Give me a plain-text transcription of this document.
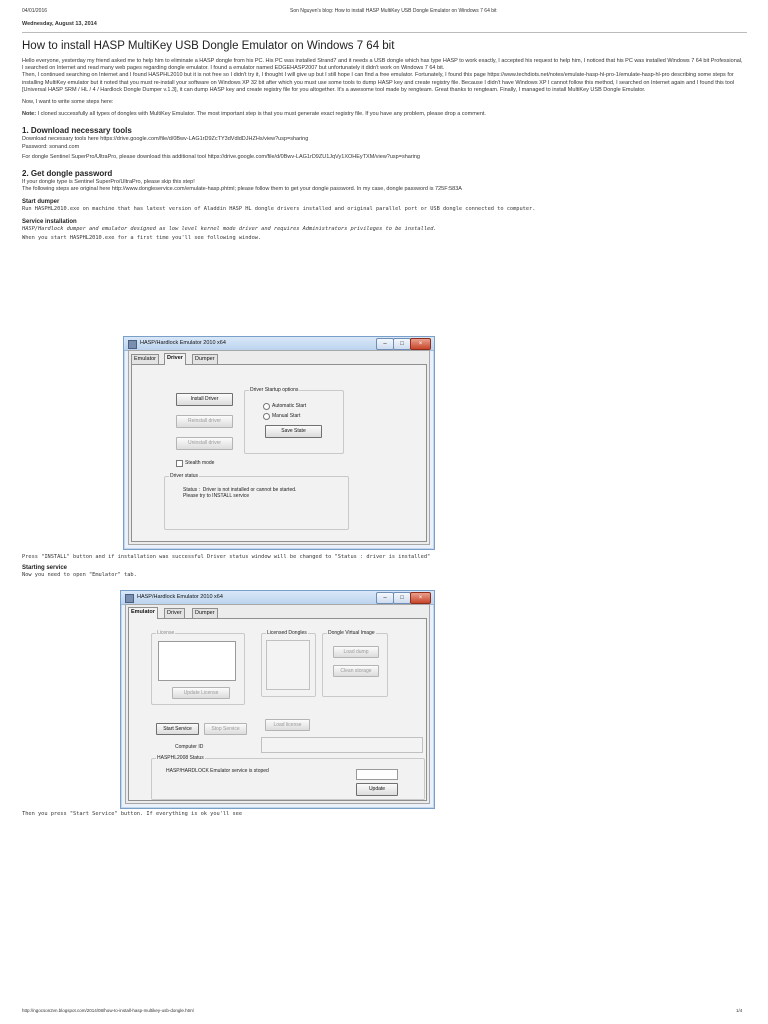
04/01/2016	Son Nguyen's blog: How to install HASP MultiKey USB Dongle Emulator on Windows 7 64 bit
Wednesday, August 13, 2014
How to install HASP MultiKey USB Dongle Emulator on Windows 7 64 bit

Hello everyone, yesterday my friend asked me to help him to eliminate a HASP dongle from his PC. His PC was installed Strand7 and it needs a USB dongle which has type HASP to work exactly, I accepted his request to help him, I noticed that his PC was installed Windows 7 64 bit Professional,
I searched on Internet and read many web pages regarding dongle emulator. I found a emulator named EDGEHASP2007 but unfortunately it didn't work on Windows 7 64 bit.
Then, I continued searching on Internet and I found HASPHL2010 but it is not free so I didn't try it, I thought I will give up but I still hope I can find a free emulator. Fortunately, I found this page https://www.techdiots.net/notes/emulate-hasp-hl-pro-1/emulate-hasp-hl-pro describing some steps for installing MultiKey emulator but it noted that you must re-install your software on Windows XP 32 bit after which you must use some tools to dump HASP key and create registry file. Because I didn't have Windows XP I cannot follow this method, I searched on Internet again and I found this tool [Universal HASP SRM / HL / 4 / Hardlock Dongle Dumper v.1.3], it can dump HASP key and create registry file for you altogether. It's a awesome tool made by rengteam. Great thanks to rengteam. Finally, I managed to install MultiKey USB Dongle Emulator.

Now, I want to write some steps here:

Note: I cloned successfully all types of dongles with MultiKey Emulator. The most important step is that you must generate exact registry file. If you have any problem, please drop a comment.

1. Download necessary tools

Download necessary tools here https://drive.google.com/file/d/0Bwv-LAG1rD9ZcTY3dVdldDJHZHs/view?usp=sharing
Password: sonand.com

For dongle Sentinel SuperPro/UltraPro, please download this additional tool https://drive.google.com/file/d/0Bwv-LAG1rD9ZU1JqVy1XOHEyTXM/view?usp=sharing

2. Get dongle password

If your dongle type is Sentinel SuperPro/UltraPro, please skip this step!
The following steps are original here http://www.dongleservice.com/emulate-hasp.phtml; please follow them to get your dongle password. In my case, dongle password is 725F:583A

Start dumper

Run HASPHL2010.exe on machine that has latest version of Aladdin HASP HL dongle drivers installed and original parallel port or USB dongle connected to computer.

Service installation

HASP/Hardlock dumper and emulator designed as low level kernel mode driver and requires Administrators privileges to be installed.

When you start HASPHL2010.exe for a first time you'll see following window.

HASP/Hardlock Emulator 2010 x64	–	□	×
Emulator	Driver	Dumper
Install Driver
Reinstall driver
Uninstall driver
Driver Startup options
Automatic Start
Manual Start
Save State
Stealth mode
Driver status
Status :  Driver is not installed or cannot be started.
Please try to INSTALL service

Press "INSTALL" button and if installation was successful Driver status window will be changed to "Status : driver is installed"

Starting service

Now you need to open "Emulator" tab.

HASP/Hardlock Emulator 2010 x64	–	□	×
Emulator	Driver	Dumper
License
Update License
Licensed Dongles	Dongle Virtual Image
Load dump
Clean storage
Start Service	Stop Service
Load license
Computer ID
HASPHL2008 Status
HASP/HARDLOCK Emulator service is stoped
Update

Then you press "Start Service" button. If everything is ok you'll see

http://ngocson2vn.blogspot.com/2014/08/how-to-install-hasp-multikey-usb-dongle.html	1/4
